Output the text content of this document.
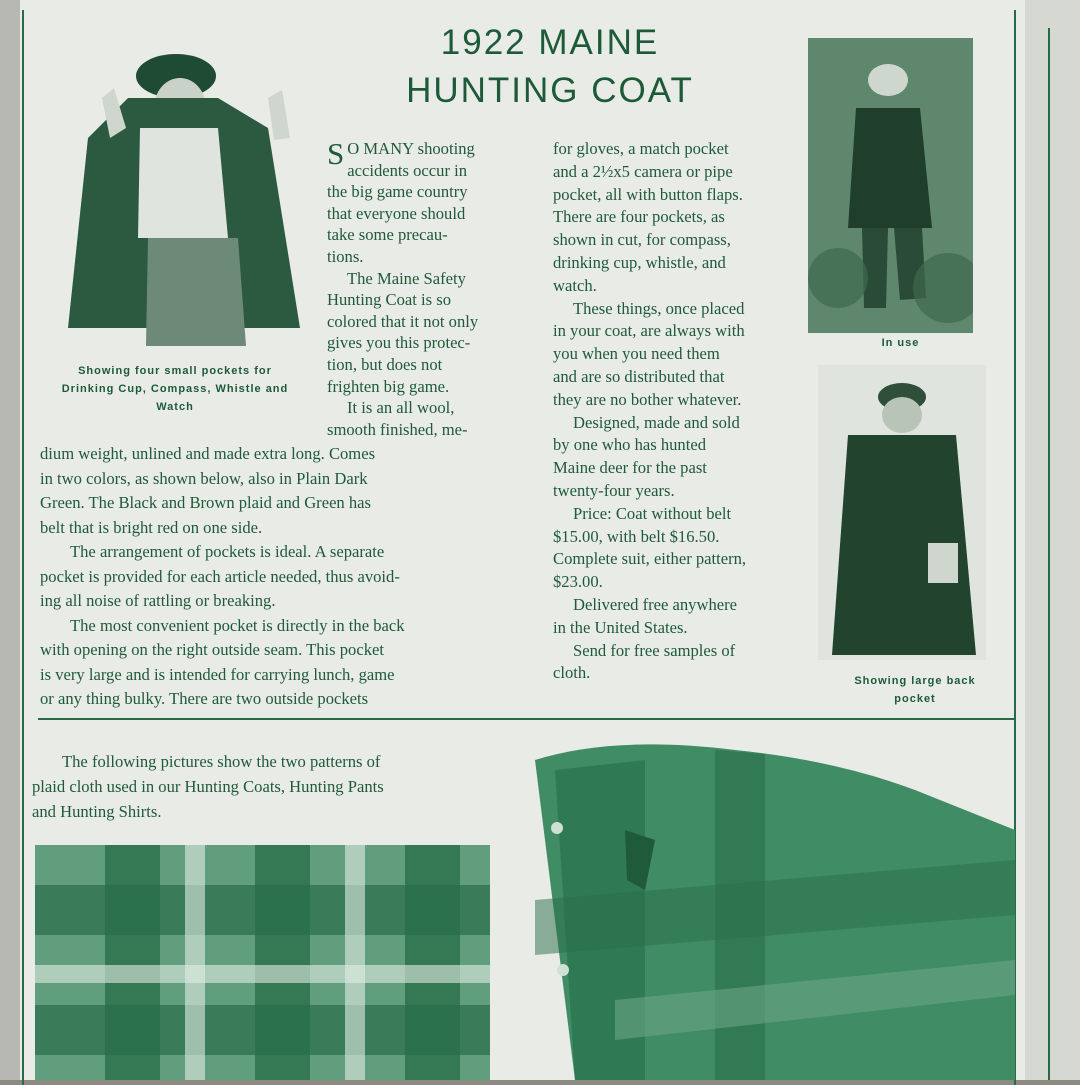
1922 MAINE
HUNTING COAT
Showing four small pockets for Drinking Cup, Compass, Whistle and Watch
In use
Showing large back pocket
S O MANY shooting
accidents occur in
the big game country
that everyone should
take some precau-
tions.
The Maine Safety
Hunting Coat is so
colored that it not only
gives you this protec-
tion, but does not
frighten big game.
It is an all wool,
smooth finished, me-
dium weight, unlined and made extra long. Comes
in two colors, as shown below, also in Plain Dark
Green. The Black and Brown plaid and Green has
belt that is bright red on one side.
The arrangement of pockets is ideal. A separate
pocket is provided for each article needed, thus avoid-
ing all noise of rattling or breaking.
The most convenient pocket is directly in the back
with opening on the right outside seam. This pocket
is very large and is intended for carrying lunch, game
or any thing bulky. There are two outside pockets
for gloves, a match pocket
and a 2½x5 camera or pipe
pocket, all with button flaps.
There are four pockets, as
shown in cut, for compass,
drinking cup, whistle, and
watch.
These things, once placed
in your coat, are always with
you when you need them
and are so distributed that
they are no bother whatever.
Designed, made and sold
by one who has hunted
Maine deer for the past
twenty-four years.
Price: Coat without belt
$15.00, with belt $16.50.
Complete suit, either pattern,
$23.00.
Delivered free anywhere
in the United States.
Send for free samples of
cloth.
The following pictures show the two patterns of
plaid cloth used in our Hunting Coats, Hunting Pants
and Hunting Shirts.
